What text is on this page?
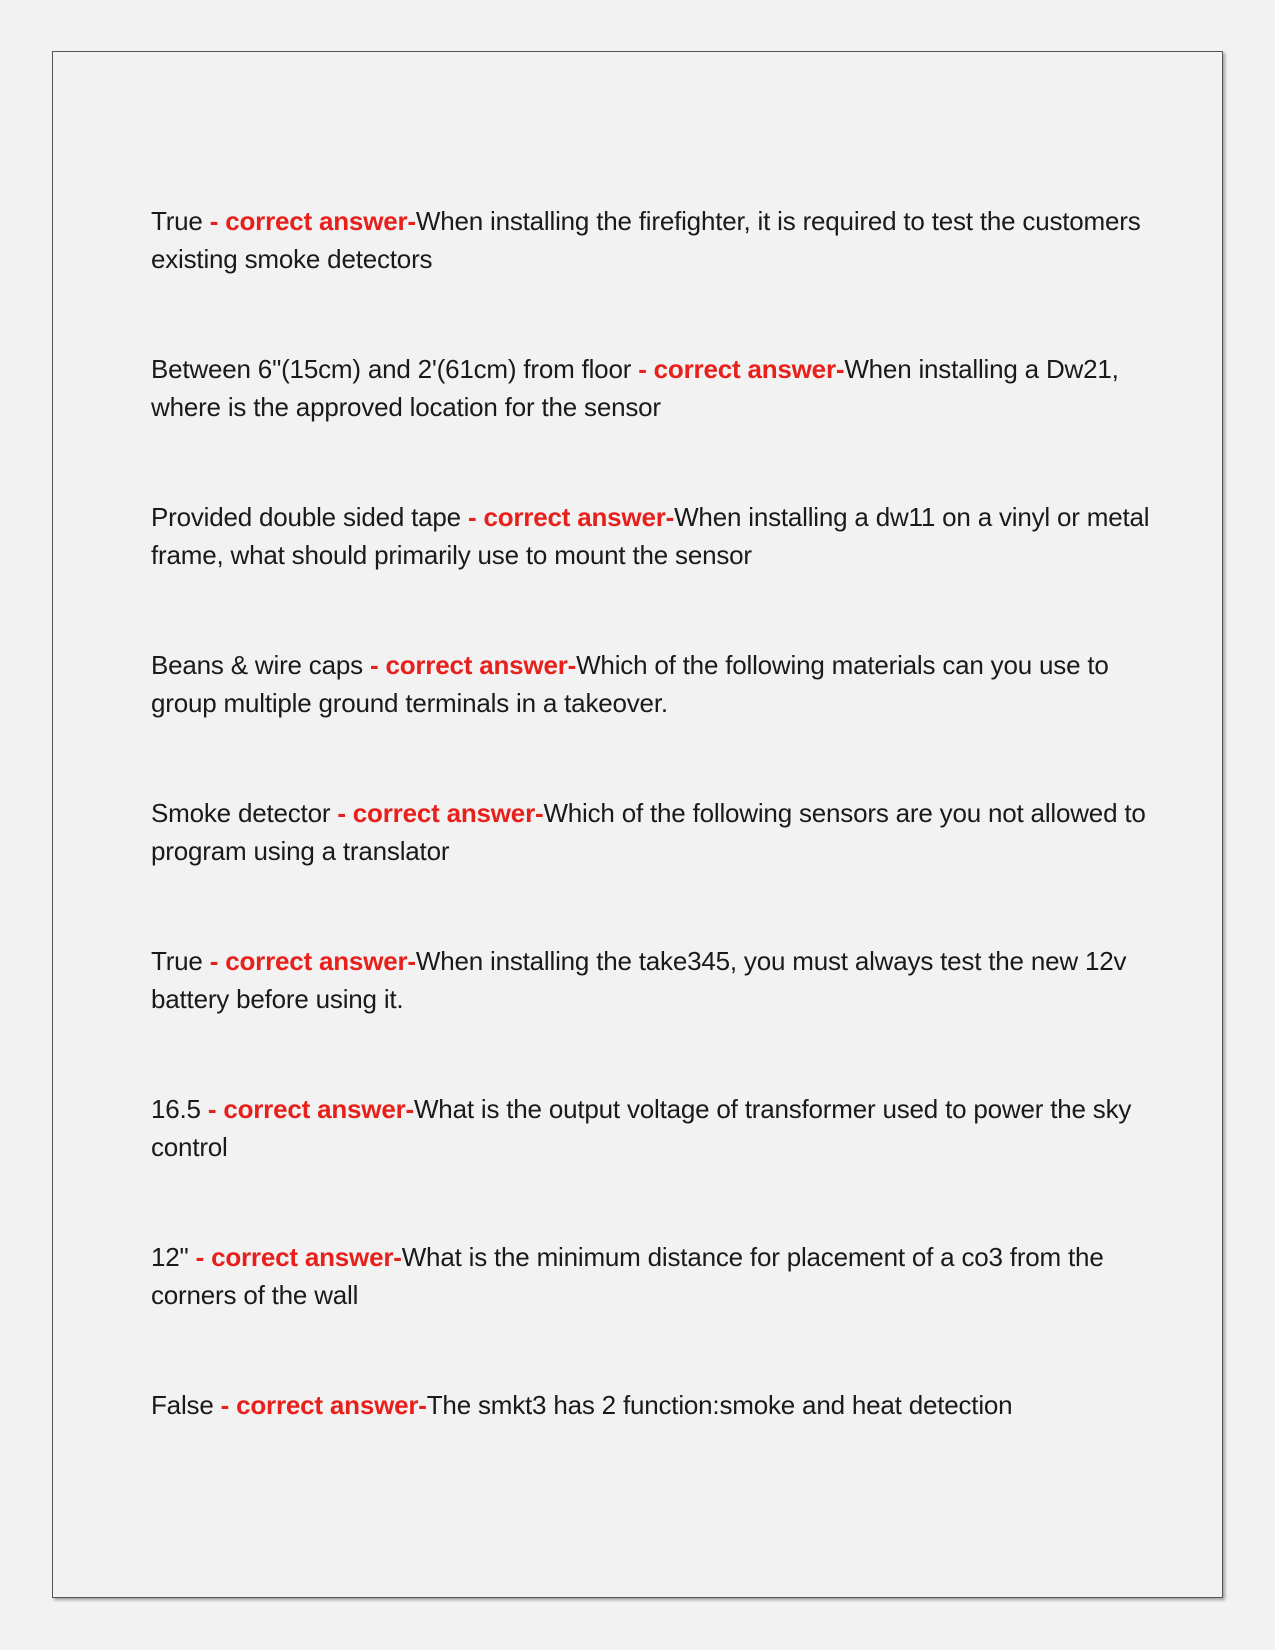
True - correct answer-When installing the firefighter, it is required to test the customers existing smoke detectors
Between 6"(15cm) and 2'(61cm) from floor - correct answer-When installing a Dw21, where is the approved location for the sensor
Provided double sided tape - correct answer-When installing a dw11 on a vinyl or metal frame, what should primarily use to mount the sensor
Beans & wire caps - correct answer-Which of the following materials can you use to group multiple ground terminals in a takeover.
Smoke detector - correct answer-Which of the following sensors are you not allowed to program using a translator
True - correct answer-When installing the take345, you must always test the new 12v battery before using it.
16.5 - correct answer-What is the output voltage of transformer used to power the sky control
12" - correct answer-What is the minimum distance for placement of a co3 from the corners of the wall
False - correct answer-The smkt3 has 2 function:smoke and heat detection
